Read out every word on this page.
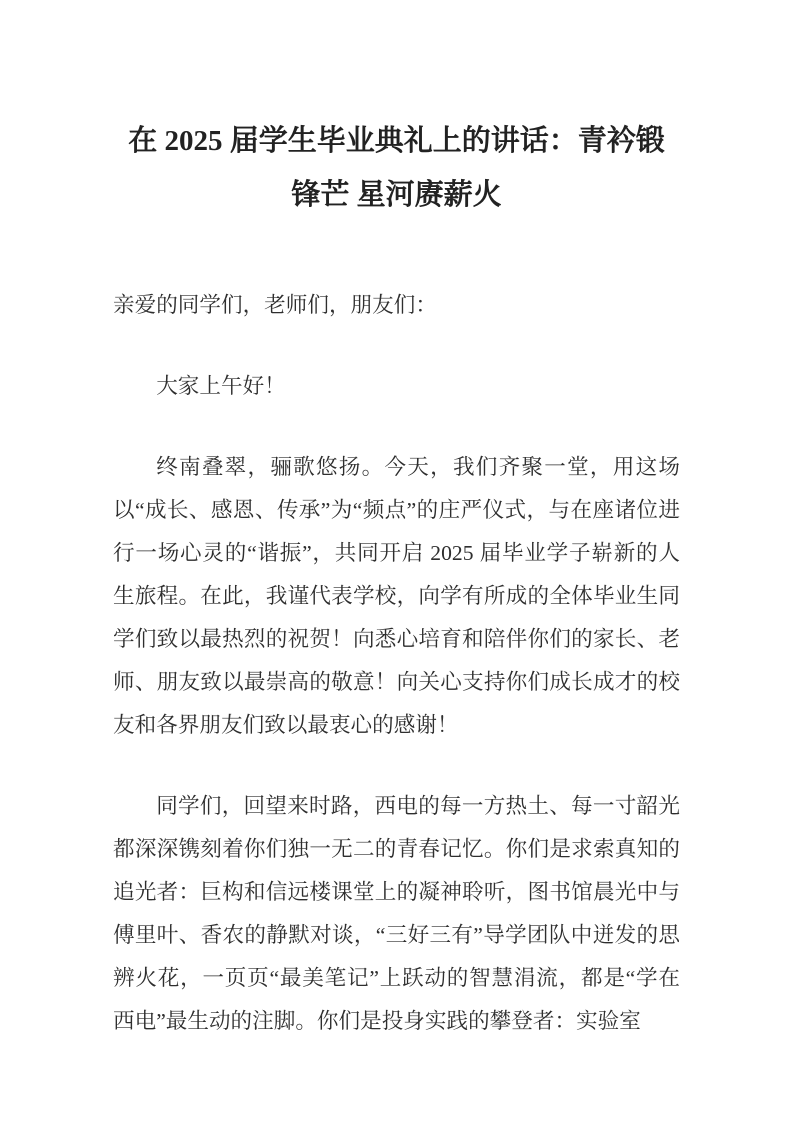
在 2025 届学生毕业典礼上的讲话：青衿锻
锋芒 星河赓薪火

亲爱的同学们，老师们，朋友们：

大家上午好！

终南叠翠，骊歌悠扬。今天，我们齐聚一堂，用这场以“成长、感恩、传承”为“频点”的庄严仪式，与在座诸位进行一场心灵的“谐振”，共同开启 2025 届毕业学子崭新的人生旅程。在此，我谨代表学校，向学有所成的全体毕业生同学们致以最热烈的祝贺！向悉心培育和陪伴你们的家长、老师、朋友致以最崇高的敬意！向关心支持你们成长成才的校友和各界朋友们致以最衷心的感谢！

同学们，回望来时路，西电的每一方热土、每一寸韶光都深深镌刻着你们独一无二的青春记忆。你们是求索真知的追光者：巨构和信远楼课堂上的凝神聆听，图书馆晨光中与傅里叶、香农的静默对谈，“三好三有”导学团队中迸发的思辨火花，一页页“最美笔记”上跃动的智慧涓流，都是“学在西电”最生动的注脚。你们是投身实践的攀登者：实验室
